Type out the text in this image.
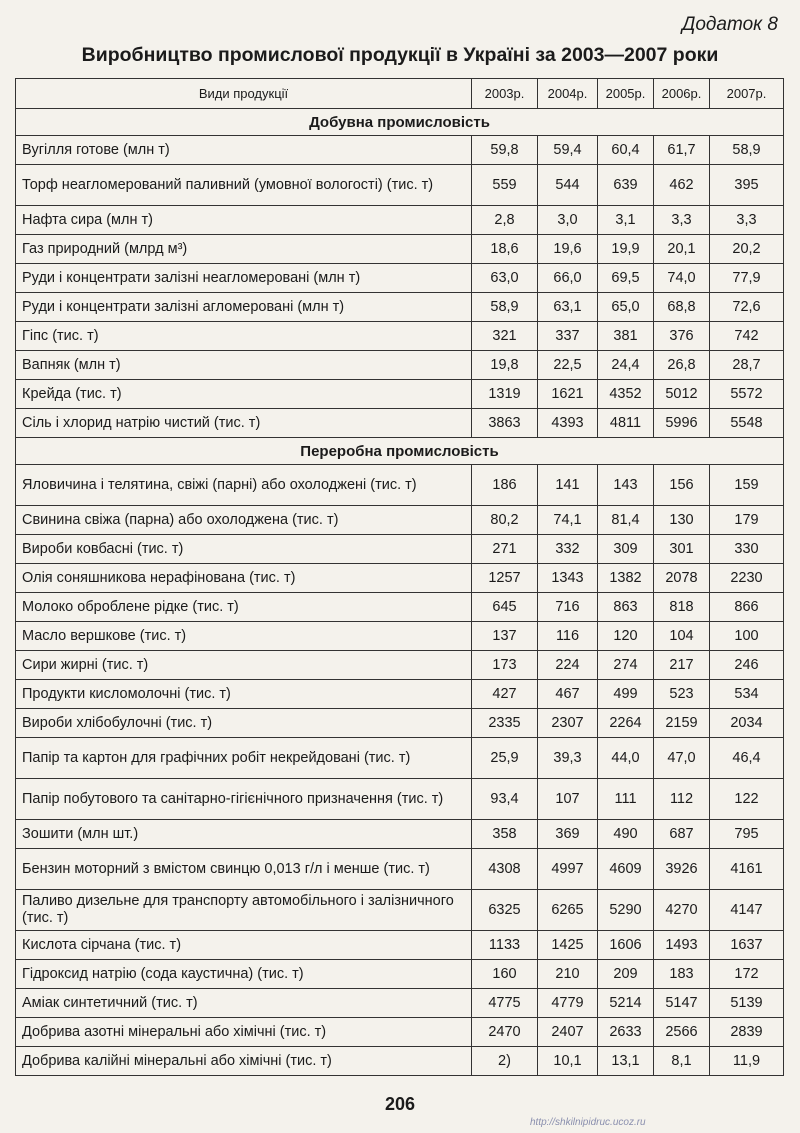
Додаток 8
Виробництво промислової продукції в Україні за 2003—2007 роки
Види продукції	2003р.	2004р.	2005р.	2006р.	2007р.
Добувна промисловість					
Вугілля готове (млн т)	59,8	59,4	60,4	61,7	58,9
Торф неагломерований паливний (умовної вологості) (тис. т)	559	544	639	462	395
Нафта сира (млн т)	2,8	3,0	3,1	3,3	3,3
Газ природний (млрд м³)	18,6	19,6	19,9	20,1	20,2
Руди і концентрати залізні неагломеровані (млн т)	63,0	66,0	69,5	74,0	77,9
Руди і концентрати залізні агломеровані (млн т)	58,9	63,1	65,0	68,8	72,6
Гіпс (тис. т)	321	337	381	376	742
Вапняк (млн т)	19,8	22,5	24,4	26,8	28,7
Крейда (тис. т)	1319	1621	4352	5012	5572
Сіль і хлорид натрію чистий (тис. т)	3863	4393	4811	5996	5548
Переробна промисловість					
Яловичина і телятина, свіжі (парні) або охолоджені (тис. т)	186	141	143	156	159
Свинина свіжа (парна) або охолоджена (тис. т)	80,2	74,1	81,4	130	179
Вироби ковбасні (тис. т)	271	332	309	301	330
Олія соняшникова нерафінована (тис. т)	1257	1343	1382	2078	2230
Молоко оброблене рідке (тис. т)	645	716	863	818	866
Масло вершкове (тис. т)	137	116	120	104	100
Сири жирні (тис. т)	173	224	274	217	246
Продукти кисломолочні (тис. т)	427	467	499	523	534
Вироби хлібобулочні (тис. т)	2335	2307	2264	2159	2034
Папір та картон для графічних робіт некрейдовані (тис. т)	25,9	39,3	44,0	47,0	46,4
Папір побутового та санітарно-гігієнічного призначення (тис. т)	93,4	107	111	112	122
Зошити (млн шт.)	358	369	490	687	795
Бензин моторний з вмістом свинцю 0,013 г/л і менше (тис. т)	4308	4997	4609	3926	4161
Паливо дизельне для транспорту автомобільного і залізничного (тис. т)	6325	6265	5290	4270	4147
Кислота сірчана (тис. т)	1133	1425	1606	1493	1637
Гідроксид натрію (сода каустична) (тис. т)	160	210	209	183	172
Аміак синтетичний (тис. т)	4775	4779	5214	5147	5139
Добрива азотні мінеральні або хімічні (тис. т)	2470	2407	2633	2566	2839
Добрива калійні мінеральні або хімічні (тис. т)	2)	10,1	13,1	8,1	11,9
206
http://shkilnipidruc.ucoz.ru
